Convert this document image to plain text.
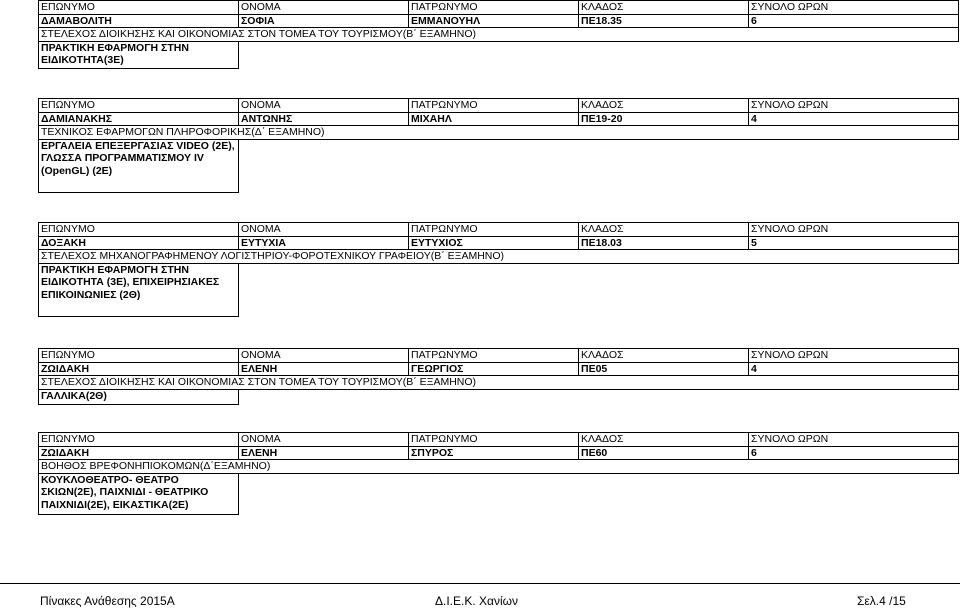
ΕΠΩΝΥΜΟ	ΟΝΟΜΑ	ΠΑΤΡΩΝΥΜΟ	ΚΛΑΔΟΣ	ΣΥΝΟΛΟ ΩΡΩΝ
ΔΑΜΑΒΟΛΙΤΗ	ΣΟΦΙΑ	ΕΜΜΑΝΟΥΗΛ	ΠΕ18.35	6
ΣΤΕΛΕΧΟΣ ΔΙΟΙΚΗΣΗΣ ΚΑΙ ΟΙΚΟΝΟΜΙΑΣ ΣΤΟΝ ΤΟΜΕΑ ΤΟΥ ΤΟΥΡΙΣΜΟΥ(Β΄ ΕΞΑΜΗΝΟ)				
ΠΡΑΚΤΙΚΗ ΕΦΑΡΜΟΓΗ ΣΤΗΝ ΕΙΔΙΚΟΤΗΤΑ(3Ε)				
ΕΠΩΝΥΜΟ	ΟΝΟΜΑ	ΠΑΤΡΩΝΥΜΟ	ΚΛΑΔΟΣ	ΣΥΝΟΛΟ ΩΡΩΝ
ΔΑΜΙΑΝΑΚΗΣ	ΑΝΤΩΝΗΣ	ΜΙΧΑΗΛ	ΠΕ19-20	4
ΤΕΧΝΙΚΟΣ ΕΦΑΡΜΟΓΩΝ ΠΛΗΡΟΦΟΡΙΚΗΣ(Δ΄ ΕΞΑΜΗΝΟ)				
ΕΡΓΑΛΕΙΑ ΕΠΕΞΕΡΓΑΣΙΑΣ VIDEO (2Ε), ΓΛΩΣΣΑ ΠΡΟΓΡΑΜΜΑΤΙΣΜΟΥ IV (OpenGL) (2Ε)				
ΕΠΩΝΥΜΟ	ΟΝΟΜΑ	ΠΑΤΡΩΝΥΜΟ	ΚΛΑΔΟΣ	ΣΥΝΟΛΟ ΩΡΩΝ
ΔΟΞΑΚΗ	ΕΥΤΥΧΙΑ	ΕΥΤΥΧΙΟΣ	ΠΕ18.03	5
ΣΤΕΛΕΧΟΣ ΜΗΧΑΝΟΓΡΑΦΗΜΕΝΟΥ ΛΟΓΙΣΤΗΡΙΟΥ-ΦΟΡΟΤΕΧΝΙΚΟΥ ΓΡΑΦΕΙΟΥ(Β΄ ΕΞΑΜΗΝΟ)				
ΠΡΑΚΤΙΚΗ ΕΦΑΡΜΟΓΗ ΣΤΗΝ ΕΙΔΙΚΟΤΗΤΑ (3Ε), ΕΠΙΧΕΙΡΗΣΙΑΚΕΣ ΕΠΙΚΟΙΝΩΝΙΕΣ (2Θ)				
ΕΠΩΝΥΜΟ	ΟΝΟΜΑ	ΠΑΤΡΩΝΥΜΟ	ΚΛΑΔΟΣ	ΣΥΝΟΛΟ ΩΡΩΝ
ΖΩΙΔΑΚΗ	ΕΛΕΝΗ	ΓΕΩΡΓΙΟΣ	ΠΕ05	4
ΣΤΕΛΕΧΟΣ ΔΙΟΙΚΗΣΗΣ ΚΑΙ ΟΙΚΟΝΟΜΙΑΣ ΣΤΟΝ ΤΟΜΕΑ ΤΟΥ ΤΟΥΡΙΣΜΟΥ(Β΄ ΕΞΑΜΗΝΟ)				
ΓΑΛΛΙΚΑ(2Θ)				
ΕΠΩΝΥΜΟ	ΟΝΟΜΑ	ΠΑΤΡΩΝΥΜΟ	ΚΛΑΔΟΣ	ΣΥΝΟΛΟ ΩΡΩΝ
ΖΩΙΔΑΚΗ	ΕΛΕΝΗ	ΣΠΥΡΟΣ	ΠΕ60	6
ΒΟΗΘΟΣ ΒΡΕΦΟΝΗΠΙΟΚΟΜΩΝ(Δ΄ΕΞΑΜΗΝΟ)				
ΚΟΥΚΛΟΘΕΑΤΡΟ- ΘΕΑΤΡΟ ΣΚΙΩΝ(2Ε), ΠΑΙΧΝΙΔΙ - ΘΕΑΤΡΙΚΟ ΠΑΙΧΝΙΔΙ(2Ε), ΕΙΚΑΣΤΙΚΑ(2Ε)				
Πίνακες Ανάθεσης 2015Α	Δ.Ι.Ε.Κ. Χανίων	Σελ.4 /15
